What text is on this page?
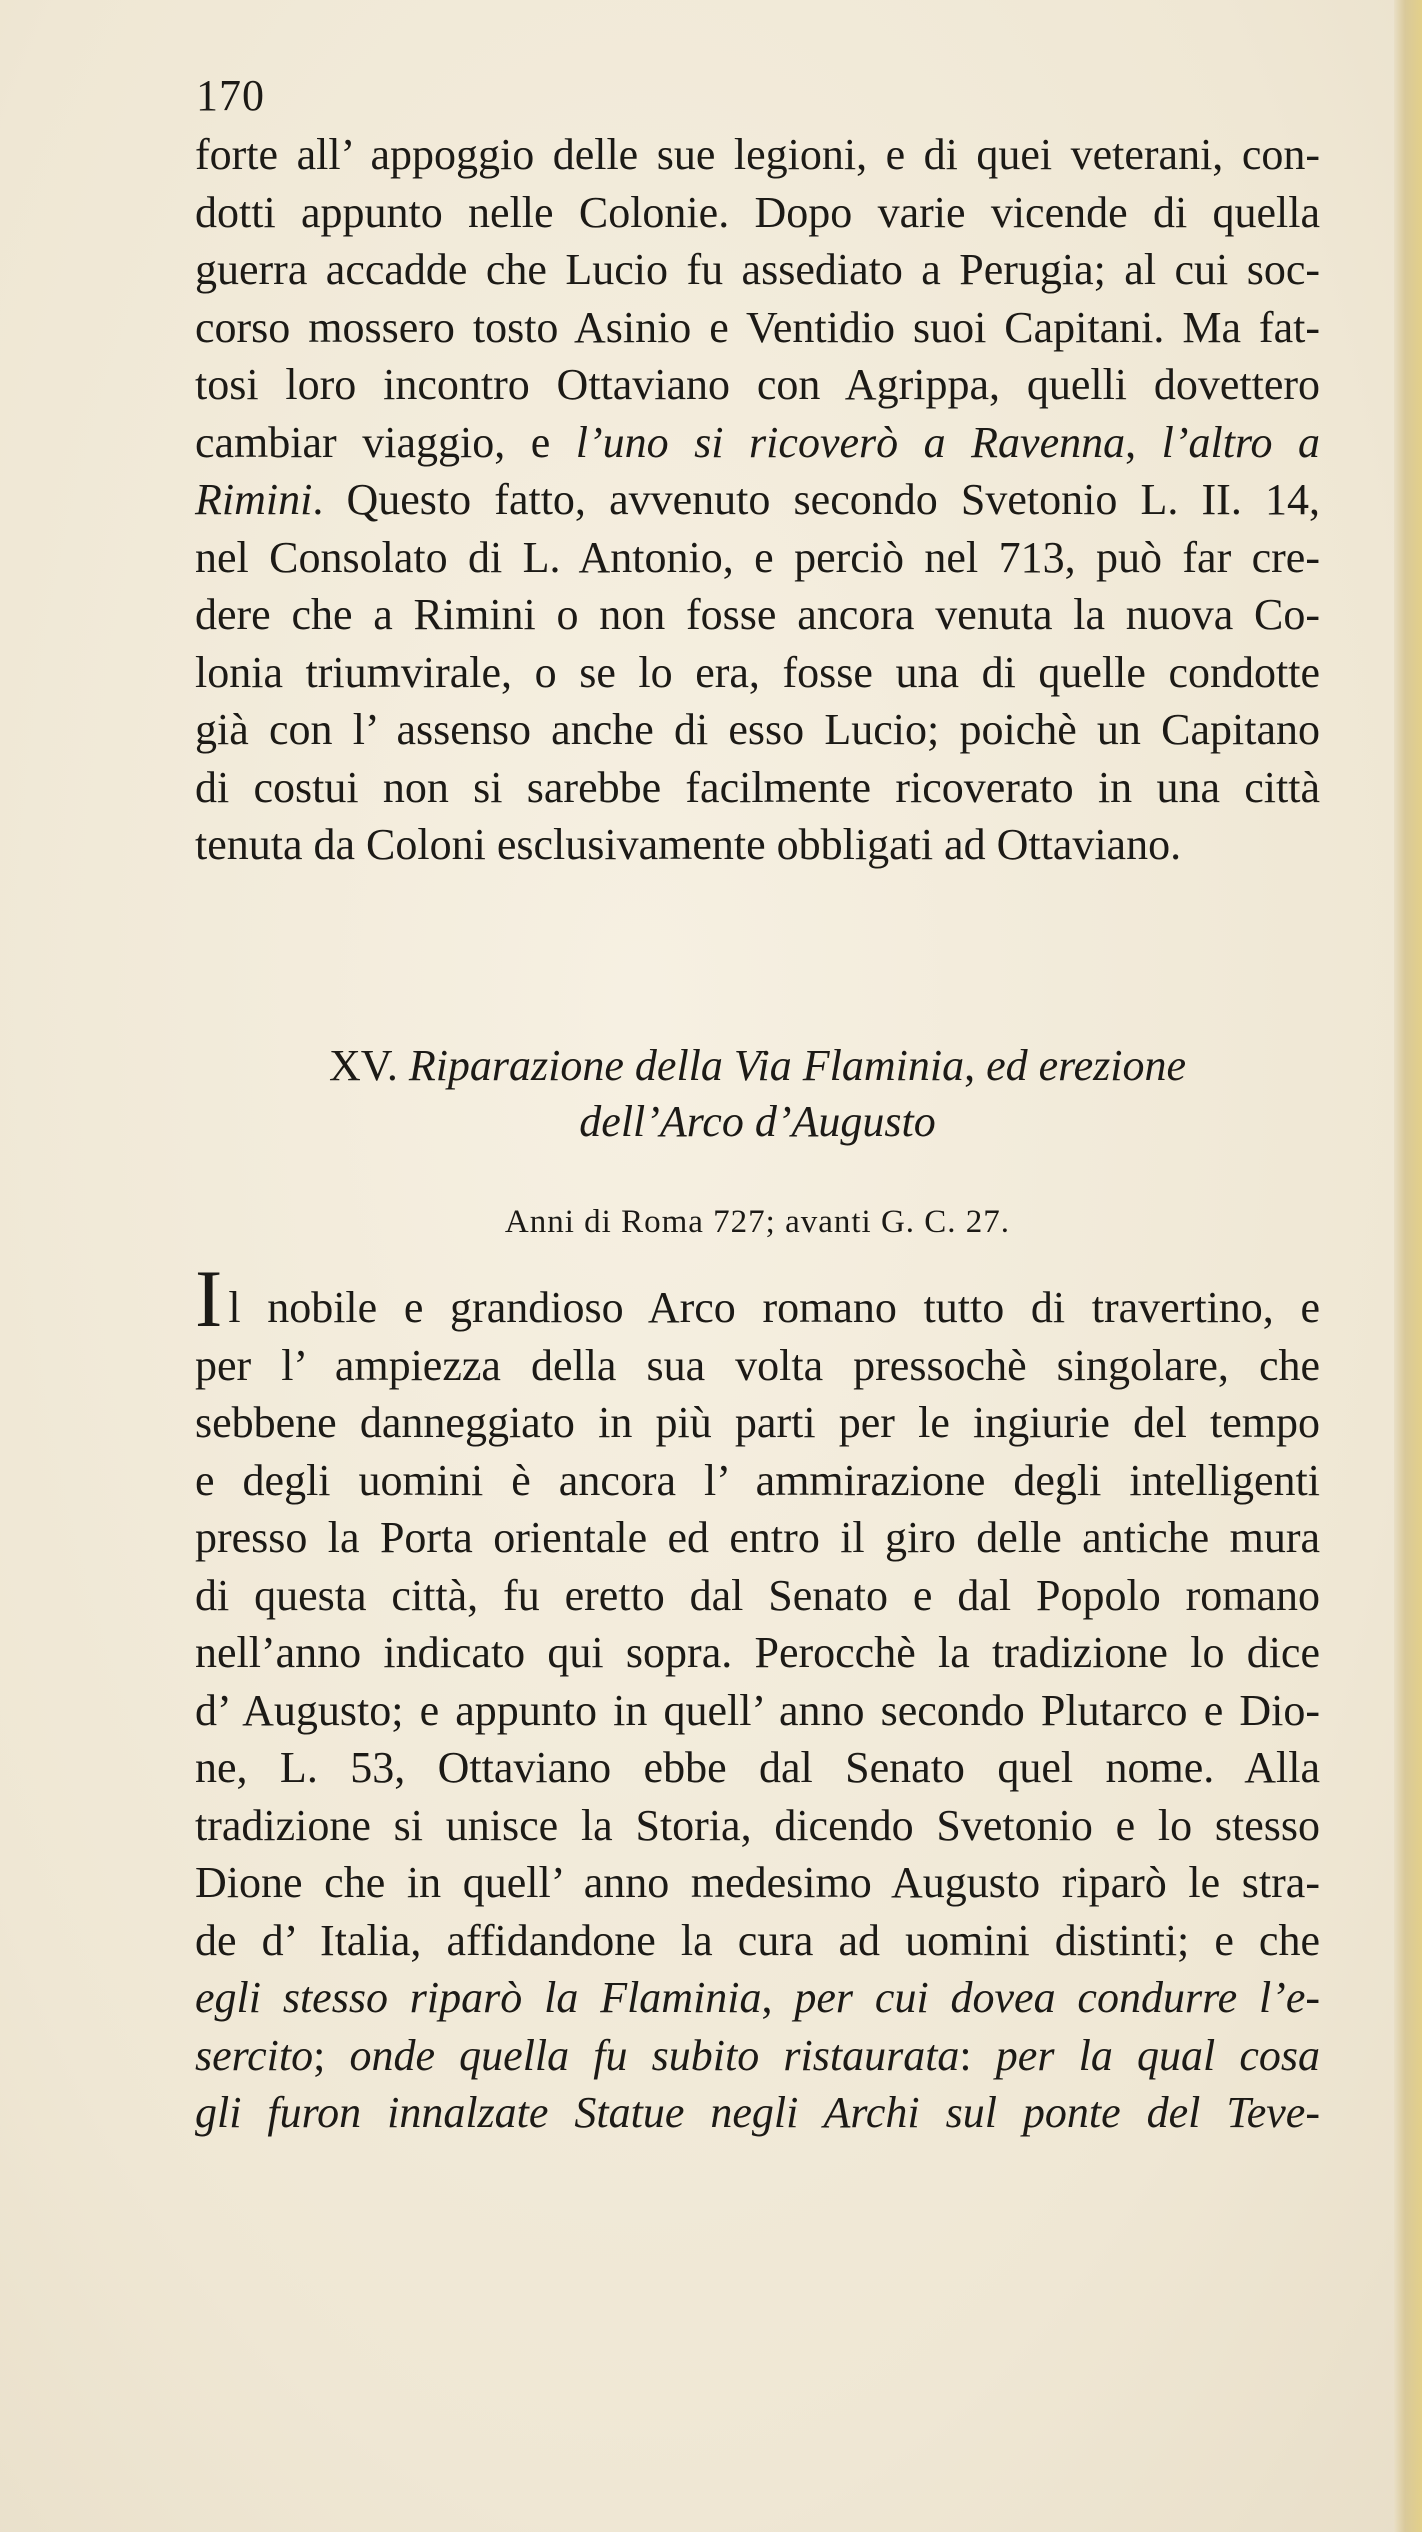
170
forte all’ appoggio delle sue legioni, e di quei veterani, con-
dotti appunto nelle Colonie. Dopo varie vicende di quella
guerra accadde che Lucio fu assediato a Perugia; al cui soc-
corso mossero tosto Asinio e Ventidio suoi Capitani. Ma fat-
tosi loro incontro Ottaviano con Agrippa, quelli dovettero
cambiar viaggio, e l’uno si ricoverò a Ravenna, l’altro a
Rimini. Questo fatto, avvenuto secondo Svetonio L. II. 14,
nel Consolato di L. Antonio, e perciò nel 713, può far cre-
dere che a Rimini o non fosse ancora venuta la nuova Co-
lonia triumvirale, o se lo era, fosse una di quelle condotte
già con l’ assenso anche di esso Lucio; poichè un Capitano
di costui non si sarebbe facilmente ricoverato in una città
tenuta da Coloni esclusivamente obbligati ad Ottaviano.
XV. Riparazione della Via Flaminia, ed erezione
dell’Arco d’Augusto
Anni di Roma 727; avanti G. C. 27.
Il nobile e grandioso Arco romano tutto di travertino, e
per l’ ampiezza della sua volta pressochè singolare, che
sebbene danneggiato in più parti per le ingiurie del tempo
e degli uomini è ancora l’ ammirazione degli intelligenti
presso la Porta orientale ed entro il giro delle antiche mura
di questa città, fu eretto dal Senato e dal Popolo romano
nell’anno indicato qui sopra. Perocchè la tradizione lo dice
d’ Augusto; e appunto in quell’ anno secondo Plutarco e Dio-
ne, L. 53, Ottaviano ebbe dal Senato quel nome. Alla
tradizione si unisce la Storia, dicendo Svetonio e lo stesso
Dione che in quell’ anno medesimo Augusto riparò le stra-
de d’ Italia, affidandone la cura ad uomini distinti; e che
egli stesso riparò la Flaminia, per cui dovea condurre l’e-
sercito; onde quella fu subito ristaurata: per la qual cosa
gli furon innalzate Statue negli Archi sul ponte del Teve-
